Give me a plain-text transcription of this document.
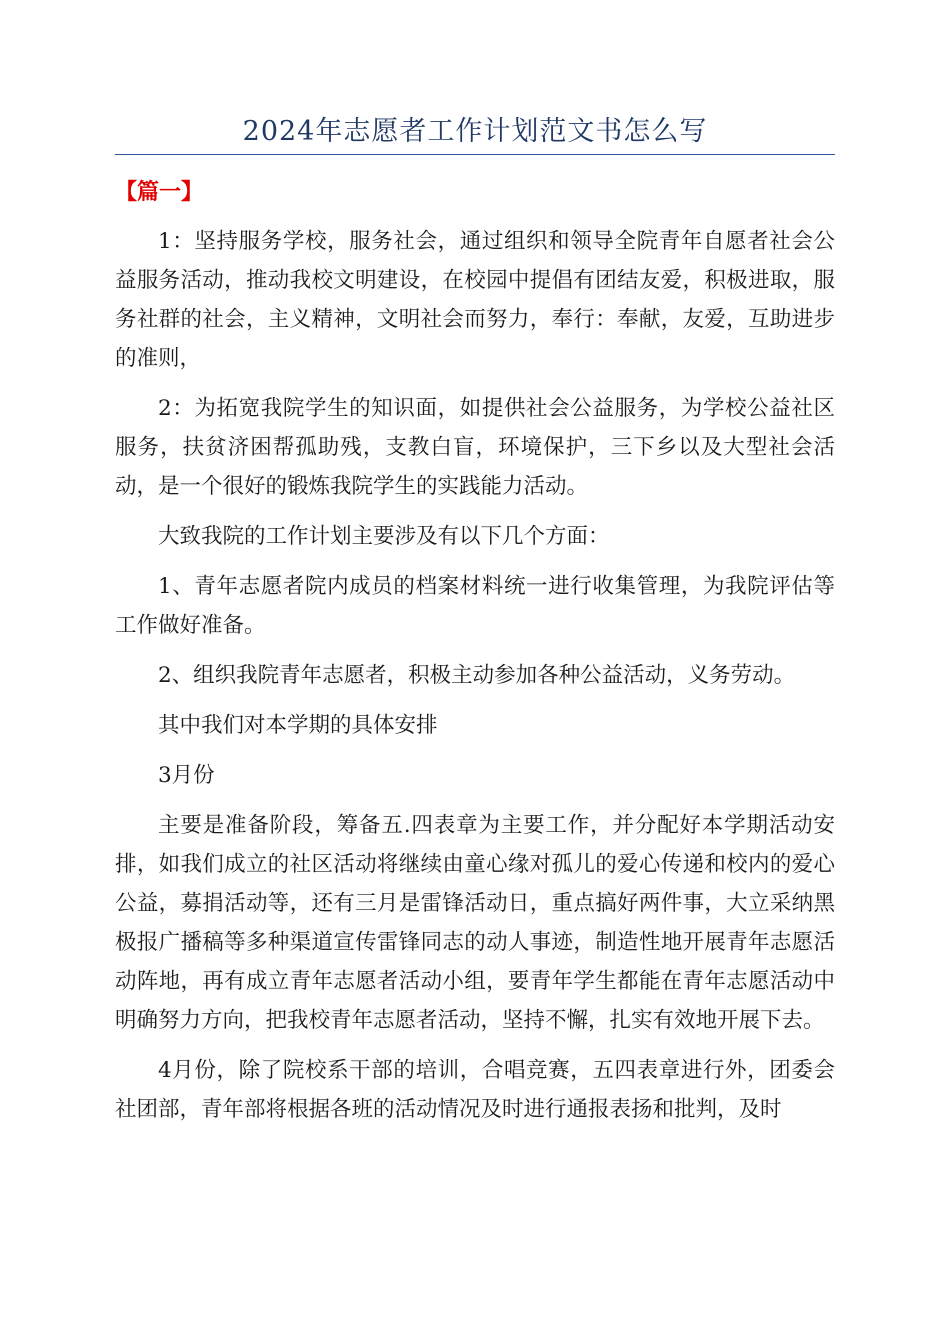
2024年志愿者工作计划范文书怎么写
【篇一】

1：坚持服务学校，服务社会，通过组织和领导全院青年自愿者社会公益服务活动，推动我校文明建设，在校园中提倡有团结友爱，积极进取，服务社群的社会，主义精神，文明社会而努力，奉行：奉献，友爱，互助进步的准则，

2：为拓宽我院学生的知识面，如提供社会公益服务，为学校公益社区服务，扶贫济困帮孤助残，支教白盲，环境保护，三下乡以及大型社会活动，是一个很好的锻炼我院学生的实践能力活动。

大致我院的工作计划主要涉及有以下几个方面：

1、青年志愿者院内成员的档案材料统一进行收集管理，为我院评估等工作做好准备。

2、组织我院青年志愿者，积极主动参加各种公益活动，义务劳动。

其中我们对本学期的具体安排

3月份

主要是准备阶段，筹备五.四表章为主要工作，并分配好本学期活动安排，如我们成立的社区活动将继续由童心缘对孤儿的爱心传递和校内的爱心公益，募捐活动等，还有三月是雷锋活动日，重点搞好两件事，大立采纳黑极报广播稿等多种渠道宣传雷锋同志的动人事迹，制造性地开展青年志愿活动阵地，再有成立青年志愿者活动小组，要青年学生都能在青年志愿活动中明确努力方向，把我校青年志愿者活动，坚持不懈，扎实有效地开展下去。

4月份，除了院校系干部的培训，合唱竞赛，五四表章进行外，团委会社团部，青年部将根据各班的活动情况及时进行通报表扬和批判，及时
